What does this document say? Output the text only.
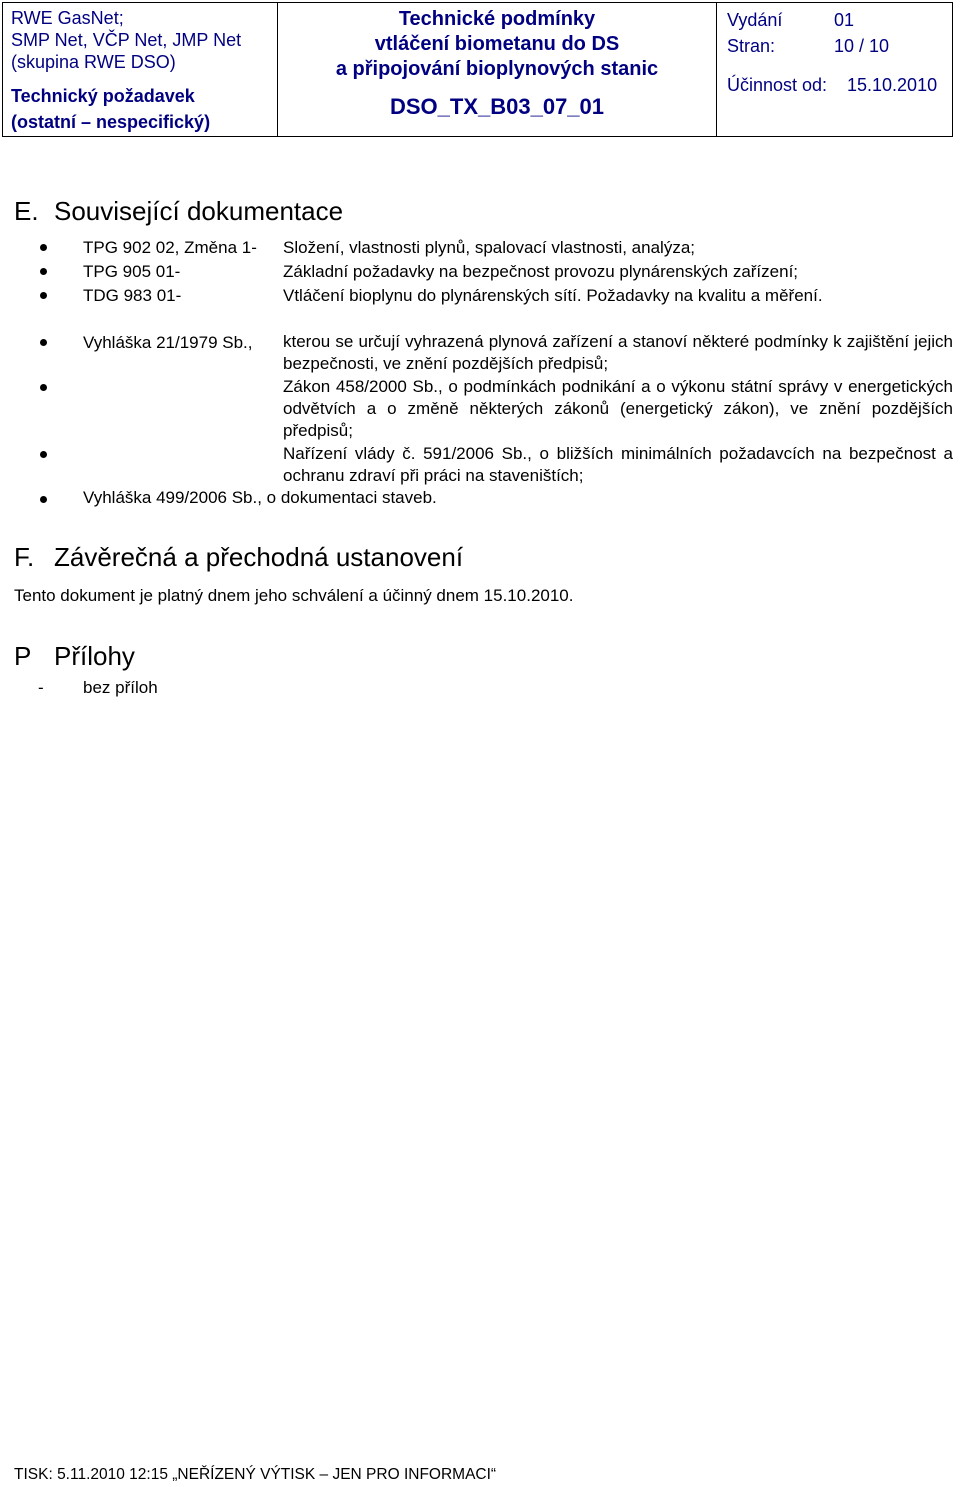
RWE GasNet;
SMP Net, VČP Net, JMP Net
(skupina RWE DSO)
Technický požadavek
(ostatní – nespecifický)

Technické podmínky
vtláčení biometanu do DS
a připojování bioplynových stanic
DSO_TX_B03_07_01

Vydání	01
Stran:	10 / 10
Účinnost od:	15.10.2010
E. Související dokumentace
TPG 902 02, Změna 1- Složení, vlastnosti plynů, spalovací vlastnosti, analýza;
TPG 905 01-	Základní požadavky na bezpečnost provozu plynárenských zařízení;
TDG 983 01-	Vtláčení bioplynu do plynárenských sítí. Požadavky na kvalitu a měření.
Vyhláška 21/1979 Sb., kterou se určují vyhrazená plynová zařízení a stanoví některé podmínky k zajištění jejich bezpečnosti, ve znění pozdějších předpisů;
Zákon 458/2000 Sb., o podmínkách podnikání a o výkonu státní správy v energetických odvětvích a o změně některých zákonů (energetický zákon), ve znění pozdějších předpisů;
Nařízení vlády č. 591/2006 Sb., o bližších minimálních požadavcích na bezpečnost a ochranu zdraví při práci na staveništích;
Vyhláška 499/2006 Sb., o dokumentaci staveb.
F. Závěrečná a přechodná ustanovení
Tento dokument je platný dnem jeho schválení a účinný dnem 15.10.2010.
P Přílohy
- bez příloh
TISK: 5.11.2010 12:15 „NEŘÍZENÝ VÝTISK – JEN PRO INFORMACI“
